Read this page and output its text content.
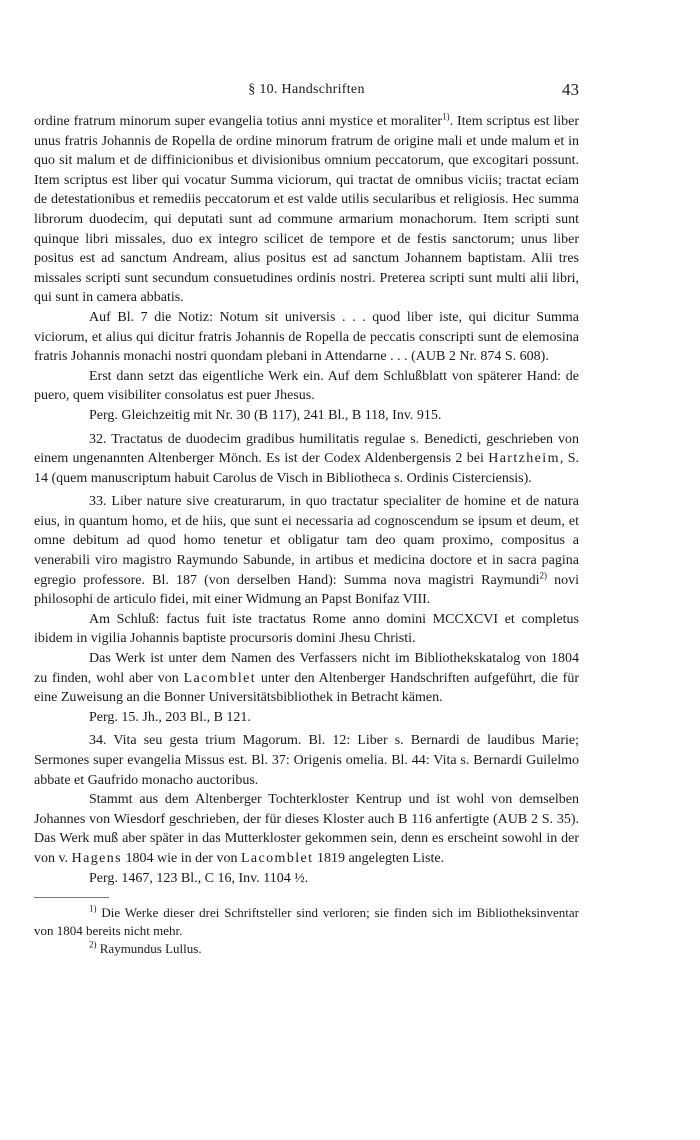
§ 10. Handschriften	43

ordine fratrum minorum super evangelia totius anni mystice et moraliter$^{1)}$. Item scriptus est liber unus fratris Johannis de Ropella de ordine minorum fratrum de origine mali et unde malum et in quo sit malum et de diffinicionibus et divisionibus omnium peccatorum, que excogitari possunt. Item scriptus est liber qui vocatur Summa viciorum, qui tractat de omnibus viciis; tractat eciam de detestationibus et remediis peccatorum et est valde utilis secularibus et religiosis. Hec summa librorum duodecim, qui deputati sunt ad commune armarium monachorum. Item scripti sunt quinque libri missales, duo ex integro scilicet de tempore et de festis sanctorum; unus liber positus est ad sanctum Andream, alius positus est ad sanctum Johannem baptistam. Alii tres missales scripti sunt secundum consuetudines ordinis nostri. Preterea scripti sunt multi alii libri, qui sunt in camera abbatis.

Auf Bl. 7 die Notiz: Notum sit universis . . . quod liber iste, qui dicitur Summa viciorum, et alius qui dicitur fratris Johannis de Ropella de peccatis conscripti sunt de elemosina fratris Johannis monachi nostri quondam plebani in Attendarne . . . (AUB 2 Nr. 874 S. 608).

Erst dann setzt das eigentliche Werk ein. Auf dem Schlußblatt von späterer Hand: de puero, quem visibiliter consolatus est puer Jhesus.

Perg. Gleichzeitig mit Nr. 30 (B 117), 241 Bl., B 118, Inv. 915.

32. Tractatus de duodecim gradibus humilitatis regulae s. Benedicti, geschrieben von einem ungenannten Altenberger Mönch. Es ist der Codex Aldenbergensis 2 bei Hartzheim, S. 14 (quem manuscriptum habuit Carolus de Visch in Bibliotheca s. Ordinis Cisterciensis).

33. Liber nature sive creaturarum, in quo tractatur specialiter de homine et de natura eius, in quantum homo, et de hiis, que sunt ei necessaria ad cognoscendum se ipsum et deum, et omne debitum ad quod homo tenetur et obligatur tam deo quam proximo, compositus a venerabili viro magistro Raymundo Sabunde, in artibus et medicina doctore et in sacra pagina egregio professore. Bl. 187 (von derselben Hand): Summa nova magistri Raymundi$^{2)}$ novi philosophi de articulo fidei, mit einer Widmung an Papst Bonifaz VIII.

Am Schluß: factus fuit iste tractatus Rome anno domini MCCXCVI et completus ibidem in vigilia Johannis baptiste procursoris domini Jhesu Christi.

Das Werk ist unter dem Namen des Verfassers nicht im Bibliothekskatalog von 1804 zu finden, wohl aber von Lacomblet unter den Altenberger Handschriften aufgeführt, die für eine Zuweisung an die Bonner Universitätsbibliothek in Betracht kämen.

Perg. 15. Jh., 203 Bl., B 121.

34. Vita seu gesta trium Magorum. Bl. 12: Liber s. Bernardi de laudibus Marie; Sermones super evangelia Missus est. Bl. 37: Origenis omelia. Bl. 44: Vita s. Bernardi Guilelmo abbate et Gaufrido monacho auctoribus.

Stammt aus dem Altenberger Tochterkloster Kentrup und ist wohl von demselben Johannes von Wiesdorf geschrieben, der für dieses Kloster auch B 116 anfertigte (AUB 2 S. 35). Das Werk muß aber später in das Mutterkloster gekommen sein, denn es erscheint sowohl in der von v. Hagens 1804 wie in der von Lacomblet 1819 angelegten Liste.

Perg. 1467, 123 Bl., C 16, Inv. 1104 ½.

$^{1)}$ Die Werke dieser drei Schriftsteller sind verloren; sie finden sich im Bibliotheksinventar von 1804 bereits nicht mehr.

$^{2)}$ Raymundus Lullus.
